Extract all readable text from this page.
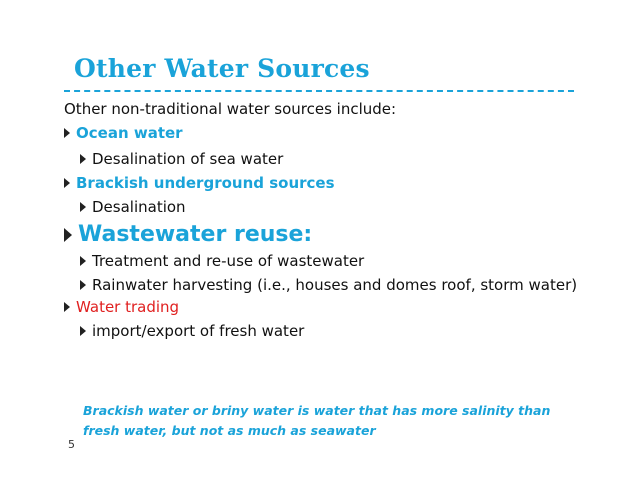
Other Water Sources
Other non-traditional water sources include:
Ocean water
Desalination of sea water
Brackish underground sources
Desalination
Wastewater reuse:
Treatment and re-use of wastewater
Rainwater harvesting (i.e., houses and domes roof, storm water)
Water trading
import/export of fresh water
Brackish water or briny water is water that has more salinity than fresh water, but not as much as seawater
5
